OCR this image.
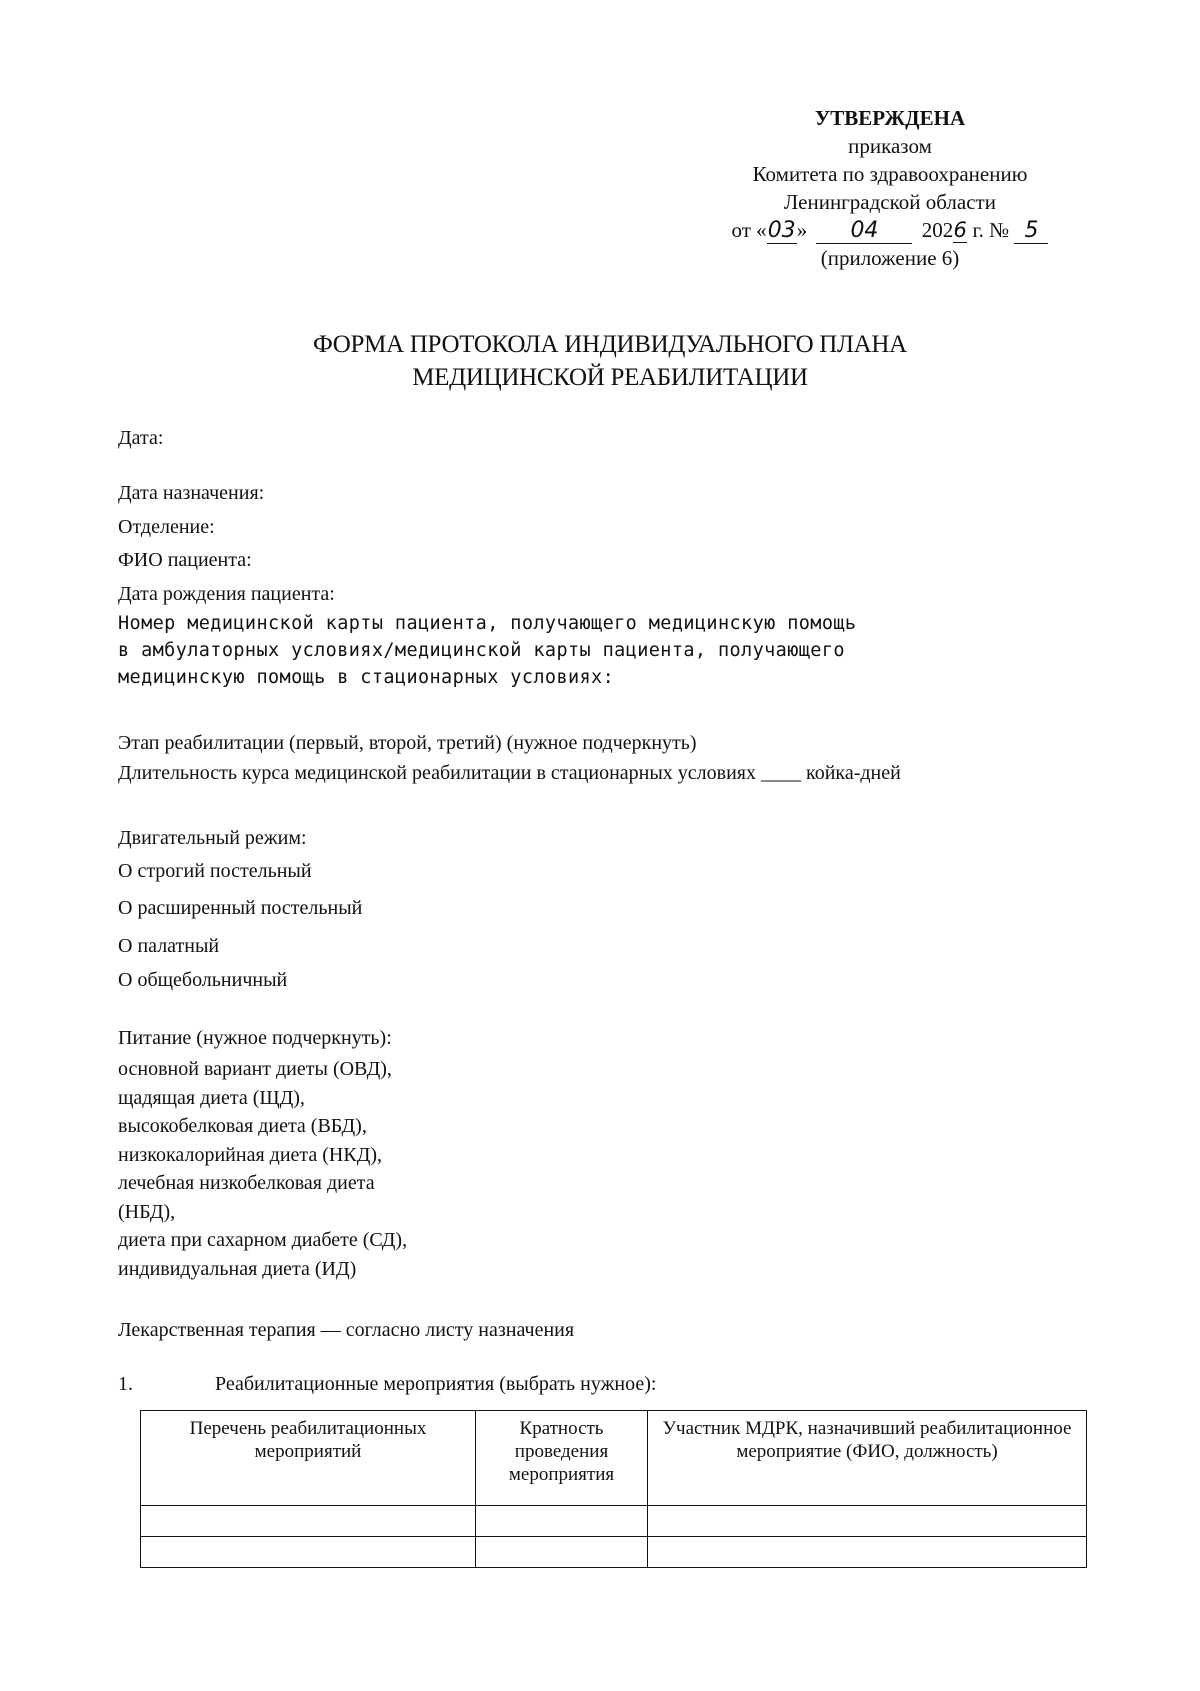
УТВЕРЖДЕНА
приказом
Комитета по здравоохранению
Ленинградской области
от «03» 04 2026 г. № 5
(приложение 6)
ФОРМА ПРОТОКОЛА ИНДИВИДУАЛЬНОГО ПЛАНА
МЕДИЦИНСКОЙ РЕАБИЛИТАЦИИ
Дата:
Дата назначения:
Отделение:
ФИО пациента:
Дата рождения пациента:
Номер медицинской карты пациента, получающего медицинскую помощь
в амбулаторных условиях/медицинской карты пациента, получающего
медицинскую помощь в стационарных условиях:
Этап реабилитации (первый, второй, третий) (нужное подчеркнуть)
Длительность курса медицинской реабилитации в стационарных условиях ____ койка-дней
Двигательный режим:
О строгий постельный
О расширенный постельный
О палатный
О общебольничный
Питание (нужное подчеркнуть):
основной вариант диеты (ОВД),
щадящая диета (ЩД),
высокобелковая диета (ВБД),
низкокалорийная диета (НКД),
лечебная низкобелковая диета
(НБД),
диета при сахарном диабете (СД),
индивидуальная диета (ИД)
Лекарственная терапия — согласно листу назначения
1.	Реабилитационные мероприятия (выбрать нужное):
Перечень реабилитационных мероприятий	Кратность проведения мероприятия	Участник МДРК, назначивший реабилитационное мероприятие (ФИО, должность)
